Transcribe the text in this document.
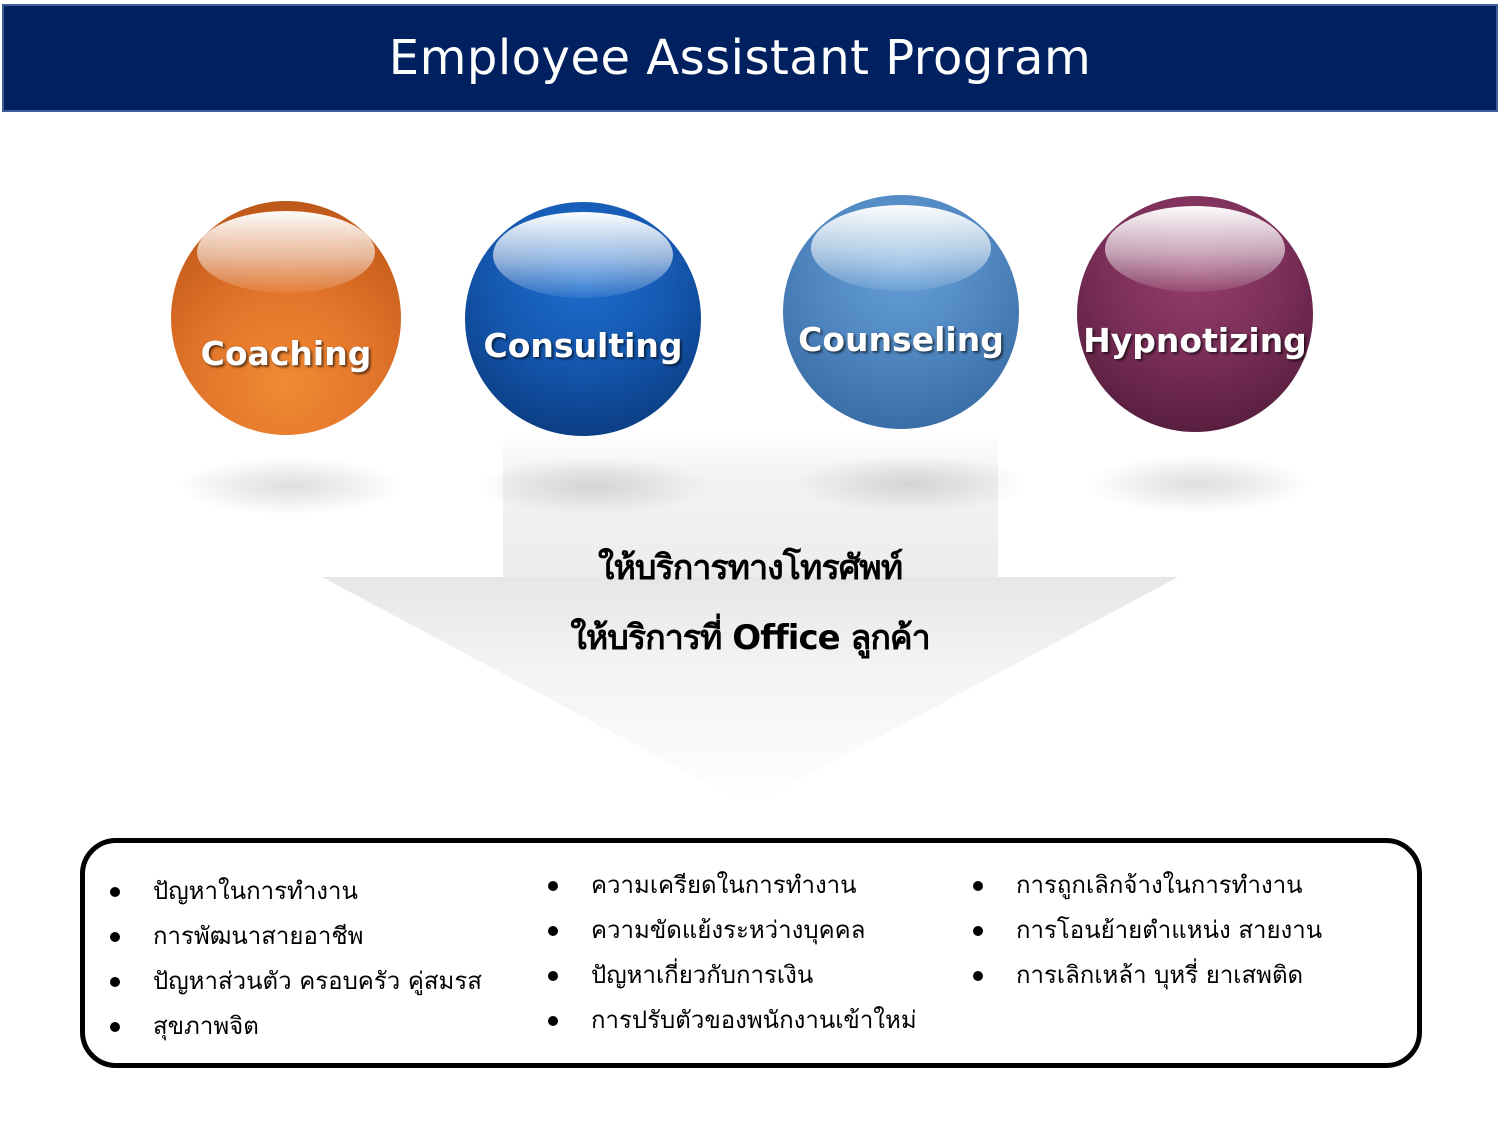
Employee Assistant Program
Coaching	Consulting	Counseling Hypnotizing
ให้บริการทางโทรศัพท์
ให้บริการที่ Office ลูกค้า
ปัญหาในการทำงาน
การพัฒนาสายอาชีพ
ปัญหาส่วนตัว ครอบครัว คู่สมรส
สุขภาพจิต
ความเครียดในการทำงาน
ความขัดแย้งระหว่างบุคคล
ปัญหาเกี่ยวกับการเงิน
การปรับตัวของพนักงานเข้าใหม่
การถูกเลิกจ้างในการทำงาน
การโอนย้ายตำแหน่ง สายงาน
การเลิกเหล้า บุหรี่ ยาเสพติด
